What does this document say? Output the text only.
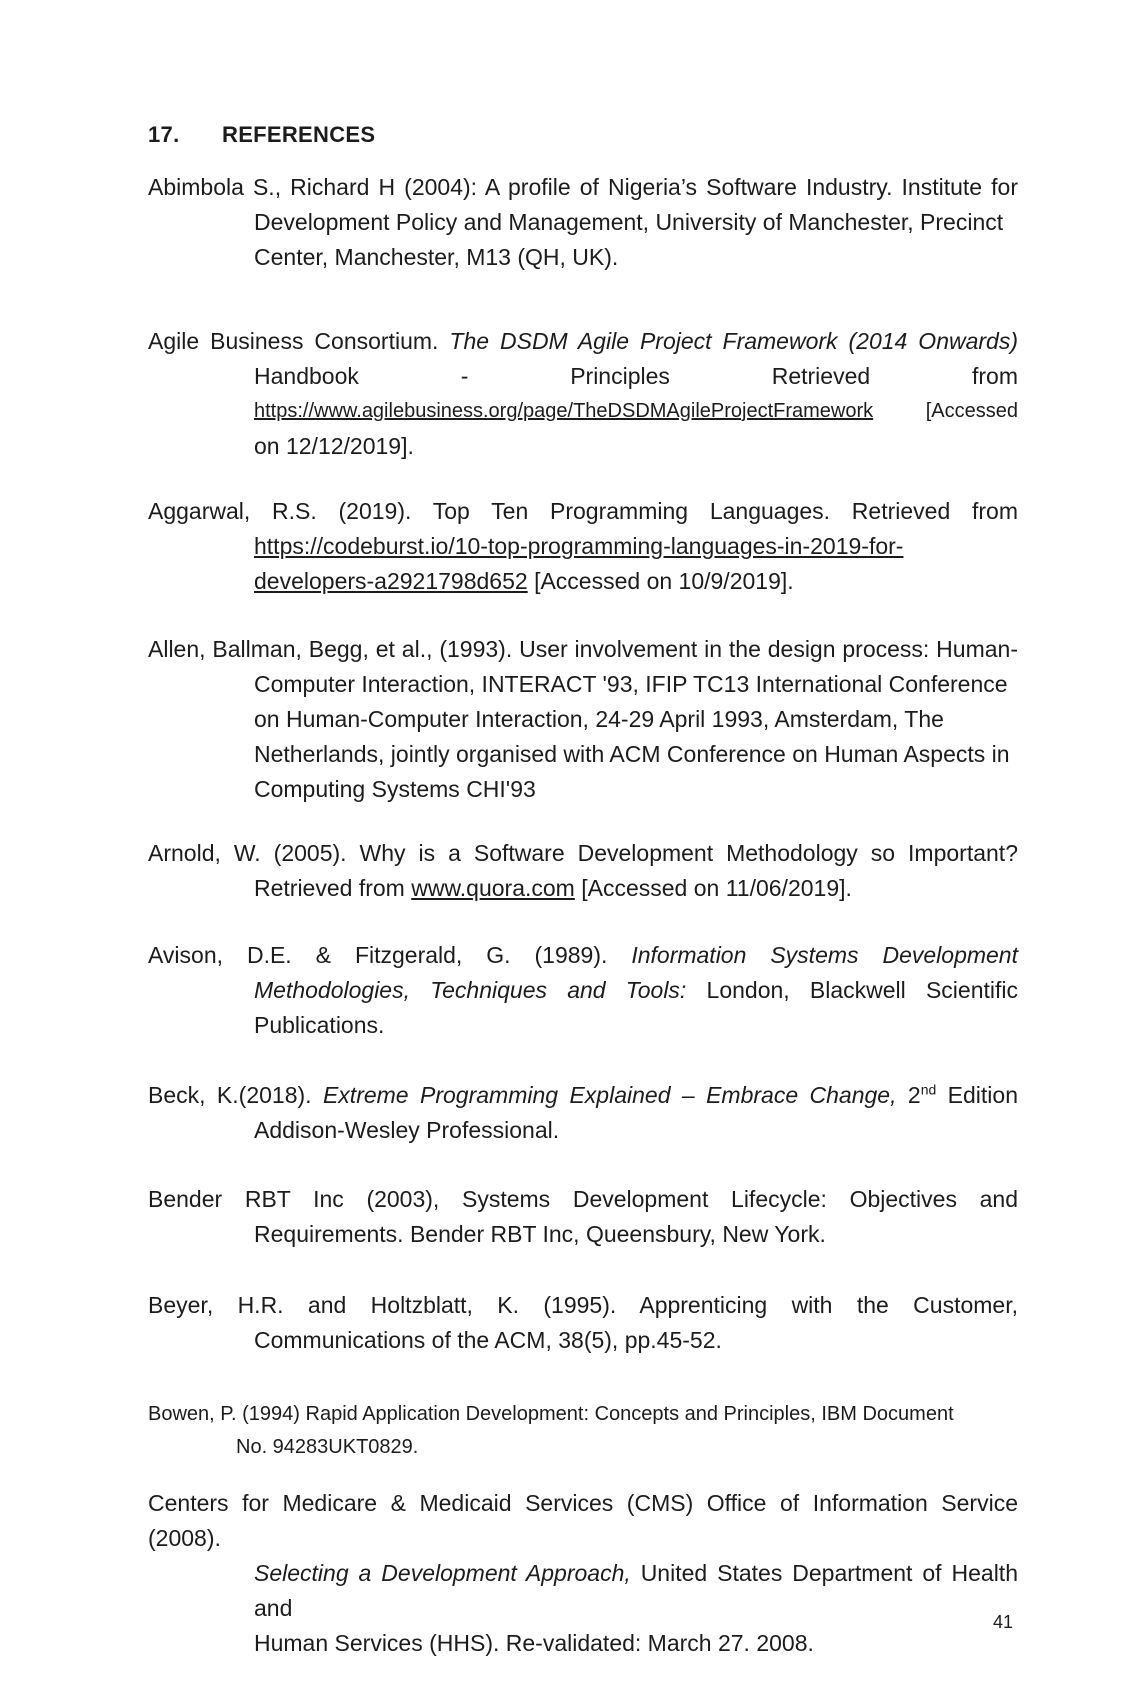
17. REFERENCES
Abimbola S., Richard H (2004): A profile of Nigeria’s Software Industry. Institute for
Development Policy and Management, University of Manchester, Precinct
Center, Manchester, M13 (QH, UK).
Agile Business Consortium. The DSDM Agile Project Framework (2014 Onwards)
Handbook	-	Principles	Retrieved	from
https://www.agilebusiness.org/page/TheDSDMAgileProjectFramework	[Accessed
on 12/12/2019].
Aggarwal, R.S. (2019). Top Ten Programming Languages. Retrieved from
https://codeburst.io/10-top-programming-languages-in-2019-for-
developers-a2921798d652 [Accessed on 10/9/2019].
Allen, Ballman, Begg, et al., (1993). User involvement in the design process: Human-
Computer Interaction, INTERACT '93, IFIP TC13 International Conference
on Human-Computer Interaction, 24-29 April 1993, Amsterdam, The
Netherlands, jointly organised with ACM Conference on Human Aspects in
Computing Systems CHI'93
Arnold, W. (2005). Why is a Software Development Methodology so Important?
Retrieved from www.quora.com [Accessed on 11/06/2019].
Avison, D.E. & Fitzgerald, G. (1989). Information Systems Development
Methodologies, Techniques and Tools: London, Blackwell Scientific
Publications.
Beck, K.(2018). Extreme Programming Explained – Embrace Change, 2nd Edition
Addison-Wesley Professional.
Bender RBT Inc (2003), Systems Development Lifecycle: Objectives and
Requirements. Bender RBT Inc, Queensbury, New York.
Beyer, H.R. and Holtzblatt, K. (1995). Apprenticing with the Customer,
Communications of the ACM, 38(5), pp.45-52.
Bowen, P. (1994) Rapid Application Development: Concepts and Principles, IBM Document
No. 94283UKT0829.
Centers for Medicare & Medicaid Services (CMS) Office of Information Service (2008).
Selecting a Development Approach, United States Department of Health and
Human Services (HHS). Re-validated: March 27. 2008.
41
